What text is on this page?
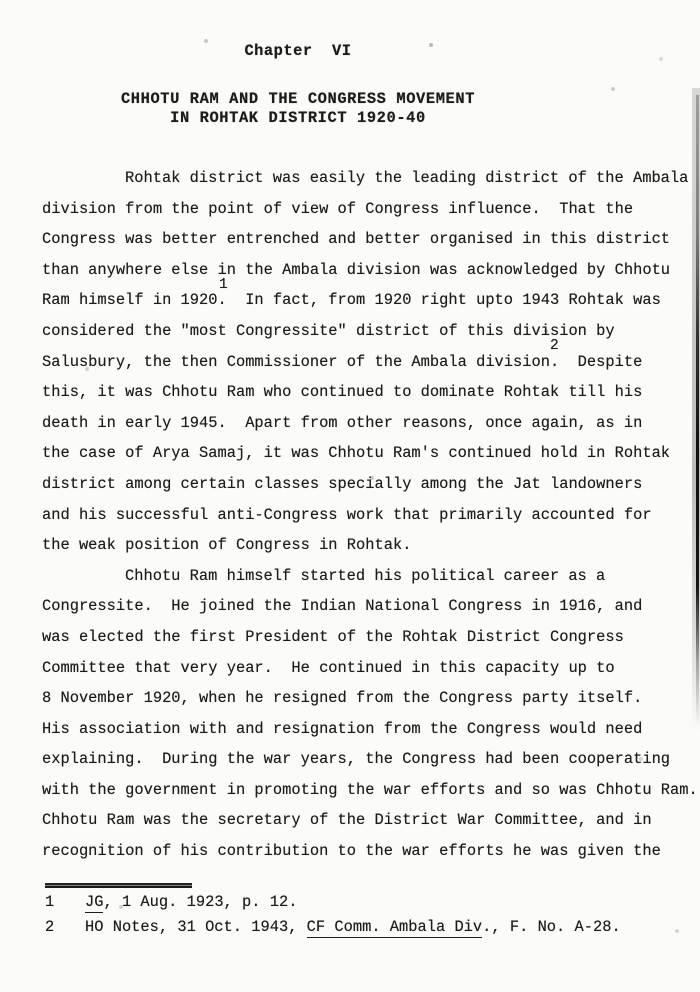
Chapter  VI
CHHOTU RAM AND THE CONGRESS MOVEMENT
IN ROHTAK DISTRICT 1920-40
Rohtak district was easily the leading district of the Ambala
division from the point of view of Congress influence.  That the
Congress was better entrenched and better organised in this district
than anywhere else in the Ambala division was acknowledged by Chhotu
Ram himself in 1920.  In fact, from 1920 right upto 1943 Rohtak was
considered the "most Congressite" district of this division by
Salusbury, the then Commissioner of the Ambala division.  Despite
this, it was Chhotu Ram who continued to dominate Rohtak till his
death in early 1945.  Apart from other reasons, once again, as in
the case of Arya Samaj, it was Chhotu Ram's continued hold in Rohtak
district among certain classes specially among the Jat landowners
and his successful anti-Congress work that primarily accounted for
the weak position of Congress in Rohtak.
Chhotu Ram himself started his political career as a
Congressite.  He joined the Indian National Congress in 1916, and
was elected the first President of the Rohtak District Congress
Committee that very year.  He continued in this capacity up to
8 November 1920, when he resigned from the Congress party itself.
His association with and resignation from the Congress would need
explaining.  During the war years, the Congress had been cooperating
with the government in promoting the war efforts and so was Chhotu Ram.
Chhotu Ram was the secretary of the District War Committee, and in
recognition of his contribution to the war efforts he was given the
1
2
1	JG, 1 Aug. 1923, p. 12.
2	HO Notes, 31 Oct. 1943, CF Comm. Ambala Div., F. No. A-28.
